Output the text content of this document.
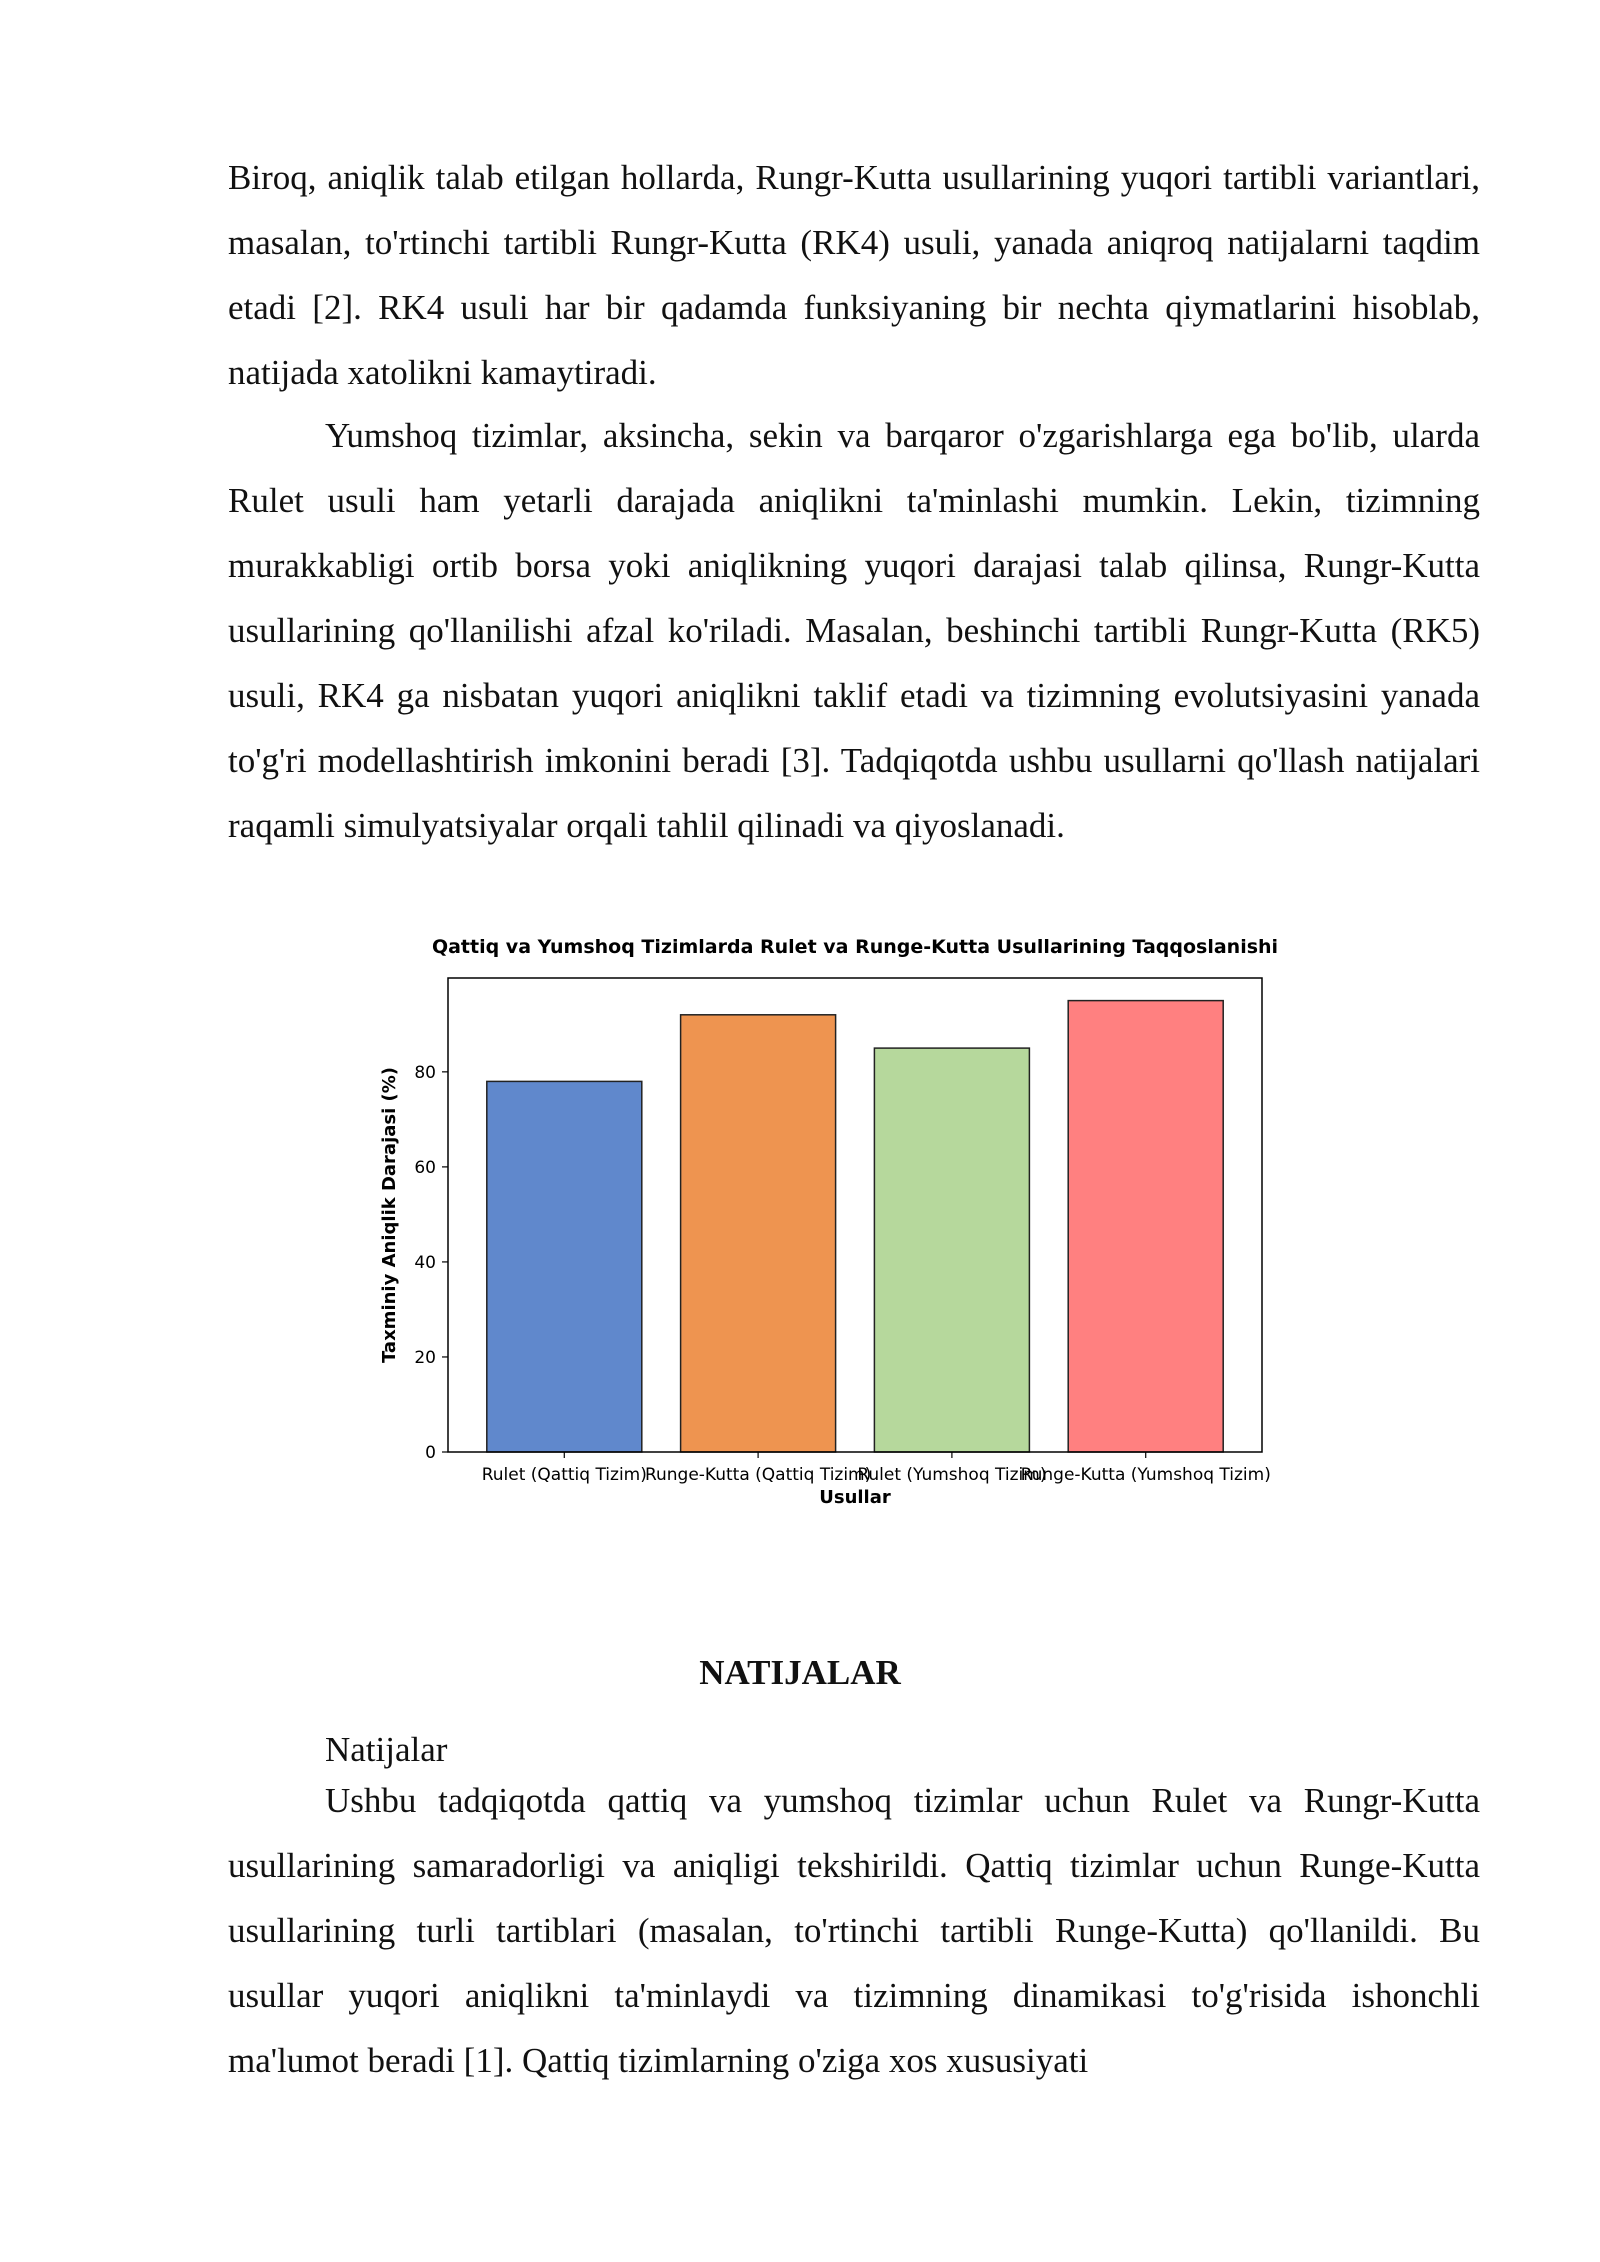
Biroq, aniqlik talab etilgan hollarda, Rungr-Kutta usullarining yuqori tartibli variantlari, masalan, to'rtinchi tartibli Rungr-Kutta (RK4) usuli, yanada aniqroq natijalarni taqdim etadi [2]. RK4 usuli har bir qadamda funksiyaning bir nechta qiymatlarini hisoblab, natijada xatolikni kamaytiradi.

Yumshoq tizimlar, aksincha, sekin va barqaror o'zgarishlarga ega bo'lib, ularda Rulet usuli ham yetarli darajada aniqlikni ta'minlashi mumkin. Lekin, tizimning murakkabligi ortib borsa yoki aniqlikning yuqori darajasi talab qilinsa, Rungr-Kutta usullarining qo'llanilishi afzal ko'riladi. Masalan, beshinchi tartibli Rungr-Kutta (RK5) usuli, RK4 ga nisbatan yuqori aniqlikni taklif etadi va tizimning evolutsiyasini yanada to'g'ri modellashtirish imkonini beradi [3]. Tadqiqotda ushbu usullarni qo'llash natijalari raqamli simulyatsiyalar orqali tahlil qilinadi va qiyoslanadi.

Qattiq va Yumshoq Tizimlarda Rulet va Runge-Kutta Usullarining Taqqoslanishi
0
20
40
60
80
Rulet (Qattiq Tizim)
Runge-Kutta (Qattiq Tizim)
Rulet (Yumshoq Tizim)
Runge-Kutta (Yumshoq Tizim)
Usullar
Taxminiy Aniqlik Darajasi (%)

NATIJALAR

Natijalar

Ushbu tadqiqotda qattiq va yumshoq tizimlar uchun Rulet va Rungr-Kutta usullarining samaradorligi va aniqligi tekshirildi. Qattiq tizimlar uchun Runge-Kutta usullarining turli tartiblari (masalan, to'rtinchi tartibli Runge-Kutta) qo'llanildi. Bu usullar yuqori aniqlikni ta'minlaydi va tizimning dinamikasi to'g'risida ishonchli ma'lumot beradi [1]. Qattiq tizimlarning o'ziga xos xususiyati
